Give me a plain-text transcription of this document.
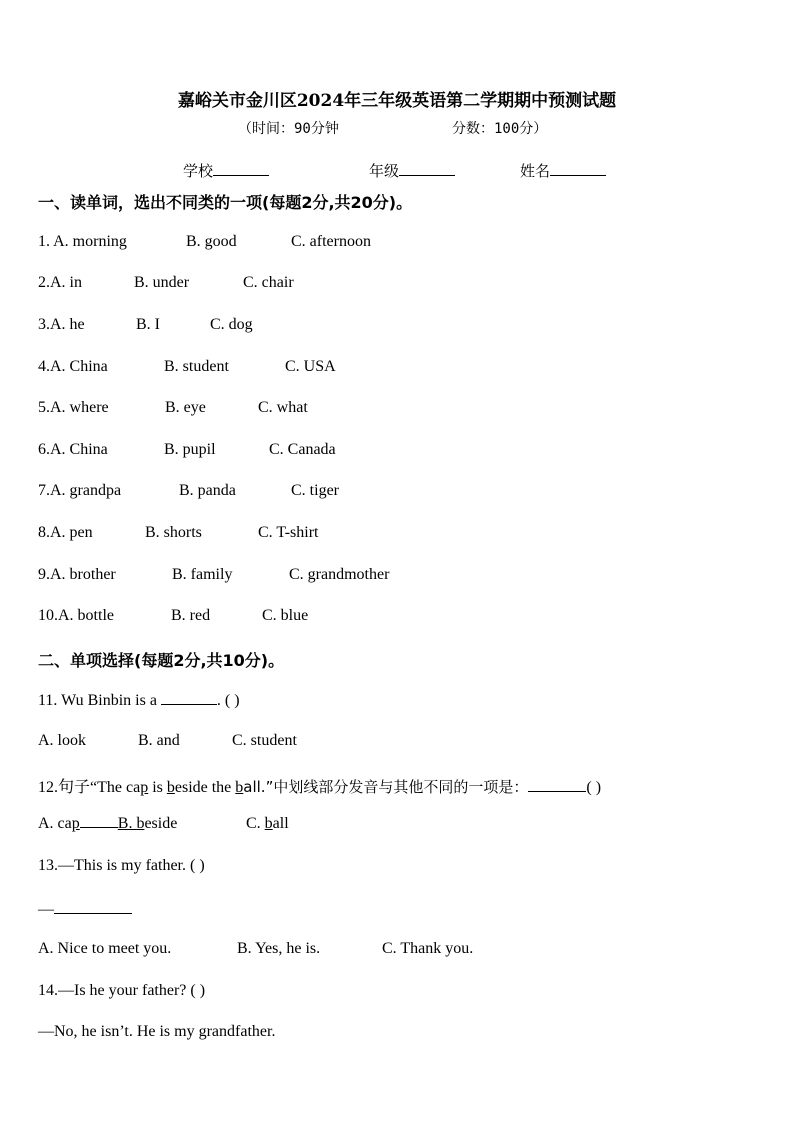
嘉峪关市金川区2024年三年级英语第二学期期中预测试题
（时间：90分钟	分数：100分）
学校	年级	姓名
一、读单词，选出不同类的一项(每题2分,共20分)。
1. A. morning	B. good	C. afternoon
2.A. in	B. under	C. chair
3.A. he	B. I	C. dog
4.A. China	B. student	C. USA
5.A. where	B. eye	C. what
6.A. China	B. pupil	C. Canada
7.A. grandpa	B. panda	C. tiger
8.A. pen	B. shorts	C. T-shirt
9.A. brother	B. family	C. grandmother
10.A. bottle	B. red	C. blue
二、单项选择(每题2分,共10分)。
11. Wu Binbin is a	. ( )
A. look	B. and	C. student
12.句子“The cap is beside the ball.”中划线部分发音与其他不同的一项是：	( )
A. cap B. beside	C. ball
13.—This is my father. ( )
—
A. Nice to meet you.	B. Yes, he is.	C. Thank you.
14.—Is he your father? ( )
—No, he isn’t. He is my grandfather.
